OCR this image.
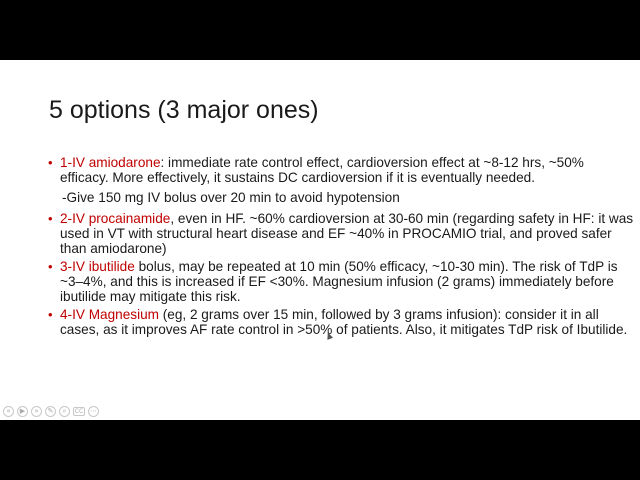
5 options (3 major ones)
• 1-IV amiodarone: immediate rate control effect, cardioversion effect at ~8-12 hrs, ~50% efficacy. More effectively, it sustains DC cardioversion if it is eventually needed.
-Give 150 mg IV bolus over 20 min to avoid hypotension
• 2-IV procainamide, even in HF. ~60% cardioversion at 30-60 min (regarding safety in HF: it was used in VT with structural heart disease and EF ~40% in PROCAMIO trial, and proved safer than amiodarone)
• 3-IV ibutilide bolus, may be repeated at 10 min (50% efficacy, ~10-30 min). The risk of TdP is ~3–4%, and this is increased if EF <30%. Magnesium infusion (2 grams) immediately before ibutilide may mitigate this risk.
• 4-IV Magnesium (eg, 2 grams over 15 min, followed by 3 grams infusion): consider it in all cases, as it improves AF rate control in >50% of patients. Also, it mitigates TdP risk of Ibutilide.
«	▶	»	✎	⌕	CC ⋯
